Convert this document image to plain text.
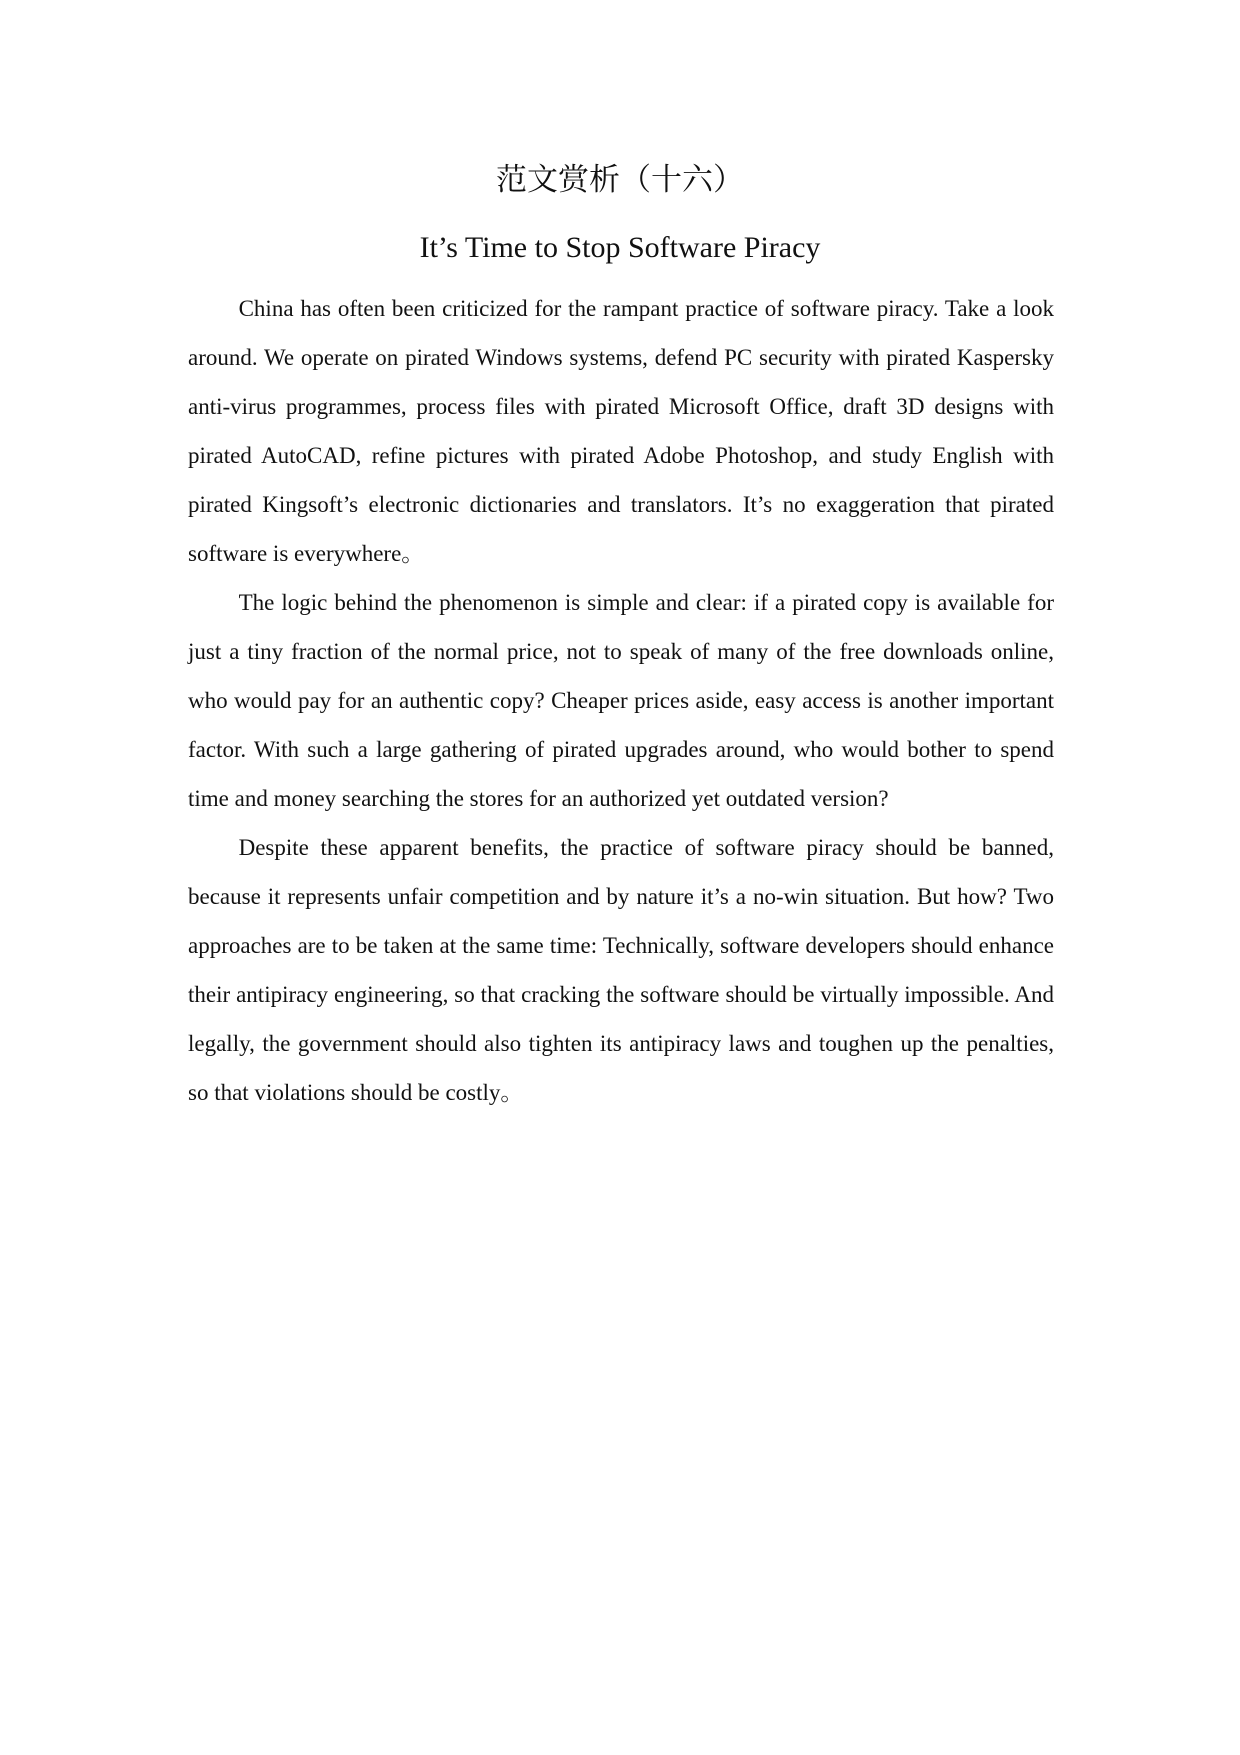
范文赏析（十六）
It’s Time to Stop Software Piracy

China has often been criticized for the rampant practice of software piracy. Take a look around. We operate on pirated Windows systems, defend PC security with pirated Kaspersky anti-virus programmes, process files with pirated Microsoft Office, draft 3D designs with pirated AutoCAD, refine pictures with pirated Adobe Photoshop, and study English with pirated Kingsoft’s electronic dictionaries and translators. It’s no exaggeration that pirated software is everywhere。

The logic behind the phenomenon is simple and clear: if a pirated copy is available for just a tiny fraction of the normal price, not to speak of many of the free downloads online, who would pay for an authentic copy? Cheaper prices aside, easy access is another important factor. With such a large gathering of pirated upgrades around, who would bother to spend time and money searching the stores for an authorized yet outdated version?

Despite these apparent benefits, the practice of software piracy should be banned, because it represents unfair competition and by nature it’s a no-win situation. But how? Two approaches are to be taken at the same time: Technically, software developers should enhance their antipiracy engineering, so that cracking the software should be virtually impossible. And legally, the government should also tighten its antipiracy laws and toughen up the penalties, so that violations should be costly。
